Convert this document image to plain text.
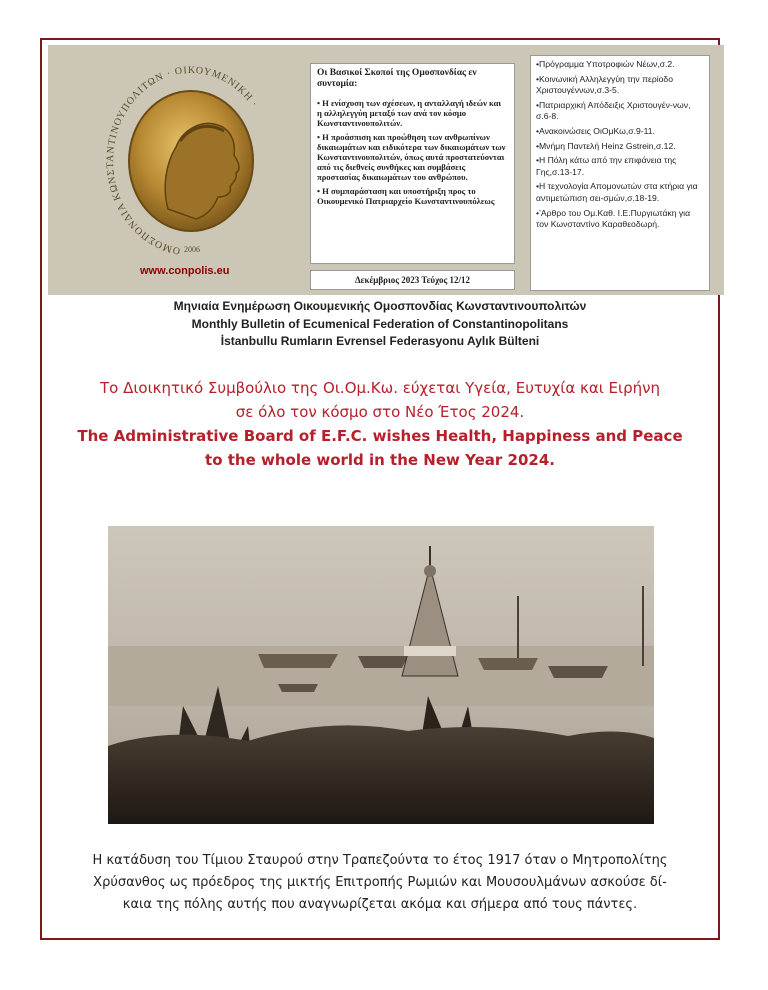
ΟΜΟΣΠΟΝΔΙΑ ΚΩΝΣΤΑΝΤΙΝΟΥΠΟΛΙΤΩΝ · ΟΙΚΟΥΜΕΝΙΚΗ ·
2006
www.conpolis.eu
Οι Βασικοί Σκοποί της Ομοσπονδίας εν συντομία:
• Η ενίσχυση των σχέσεων, η ανταλλαγή ιδεών και η αλληλεγγύη μεταξύ των ανά τον κόσμο Κωνσταντινουπολιτών.
• Η προάσπιση και προώθηση των ανθρωπίνων δικαιωμάτων και ειδικότερα των δικαιωμάτων των Κωνσταντινουπολιτών, όπως αυτά προστατεύονται από τις διεθνείς συνθήκες και συμβάσεις προστασίας δικαιωμάτων του ανθρώπου.
• Η συμπαράσταση και υποστήριξη προς το Οικουμενικό Πατριαρχείο Κωνσταντινουπόλεως
Δεκέμβριος 2023 Τεύχος 12/12
•Πρόγραμμα Υποτροφιών Νέων,σ.2.
•Κοινωνική Αλληλεγγύη την περίοδο Χριστουγέννων,σ.3-5.
•Πατριαρχική Απόδειξις Χριστουγέν-νων, σ.6-8.
•Ανακοινώσεις ΟιΟμΚω,σ.9-11.
•Μνήμη Παντελή Heinz Gstrein,σ.12.
•Η Πόλη κάτω από την επιφάνεια της Γης,σ.13-17.
•Η τεχνολογία Απομονωτών στα κτήρια για αντιμετώπιση σει-σμών,σ.18-19.
•’Αρθρο του Ομ.Καθ. Ι.Ε.Πυργιωτάκη για τον Κωνσταντίνο Καραθεοδωρή.
Μηνιαία Ενημέρωση Οικουμενικής Ομοσπονδίας Κωνσταντινουπολιτών
Monthly Bulletin of Ecumenical Federation of Constantinopolitans
İstanbullu Rumların Evrensel Federasyonu Aylık Bülteni
Το Διοικητικό Συμβούλιο της Οι.Ομ.Κω. εύχεται Υγεία, Ευτυχία και Ειρήνη
σε όλο τον κόσμο στο Νέο Έτος 2024.
The Administrative Board of E.F.C. wishes Health, Happiness and Peace
to the whole world in the New Year 2024.
Η κατάδυση του Τίμιου Σταυρού στην Τραπεζούντα το έτος 1917 όταν ο Μητροπολίτης
Χρύσανθος ως πρόεδρος της μικτής Επιτροπής Ρωμιών και Μουσουλμάνων ασκούσε δί-
καια της πόλης αυτής που αναγνωρίζεται ακόμα και σήμερα από τους πάντες.
